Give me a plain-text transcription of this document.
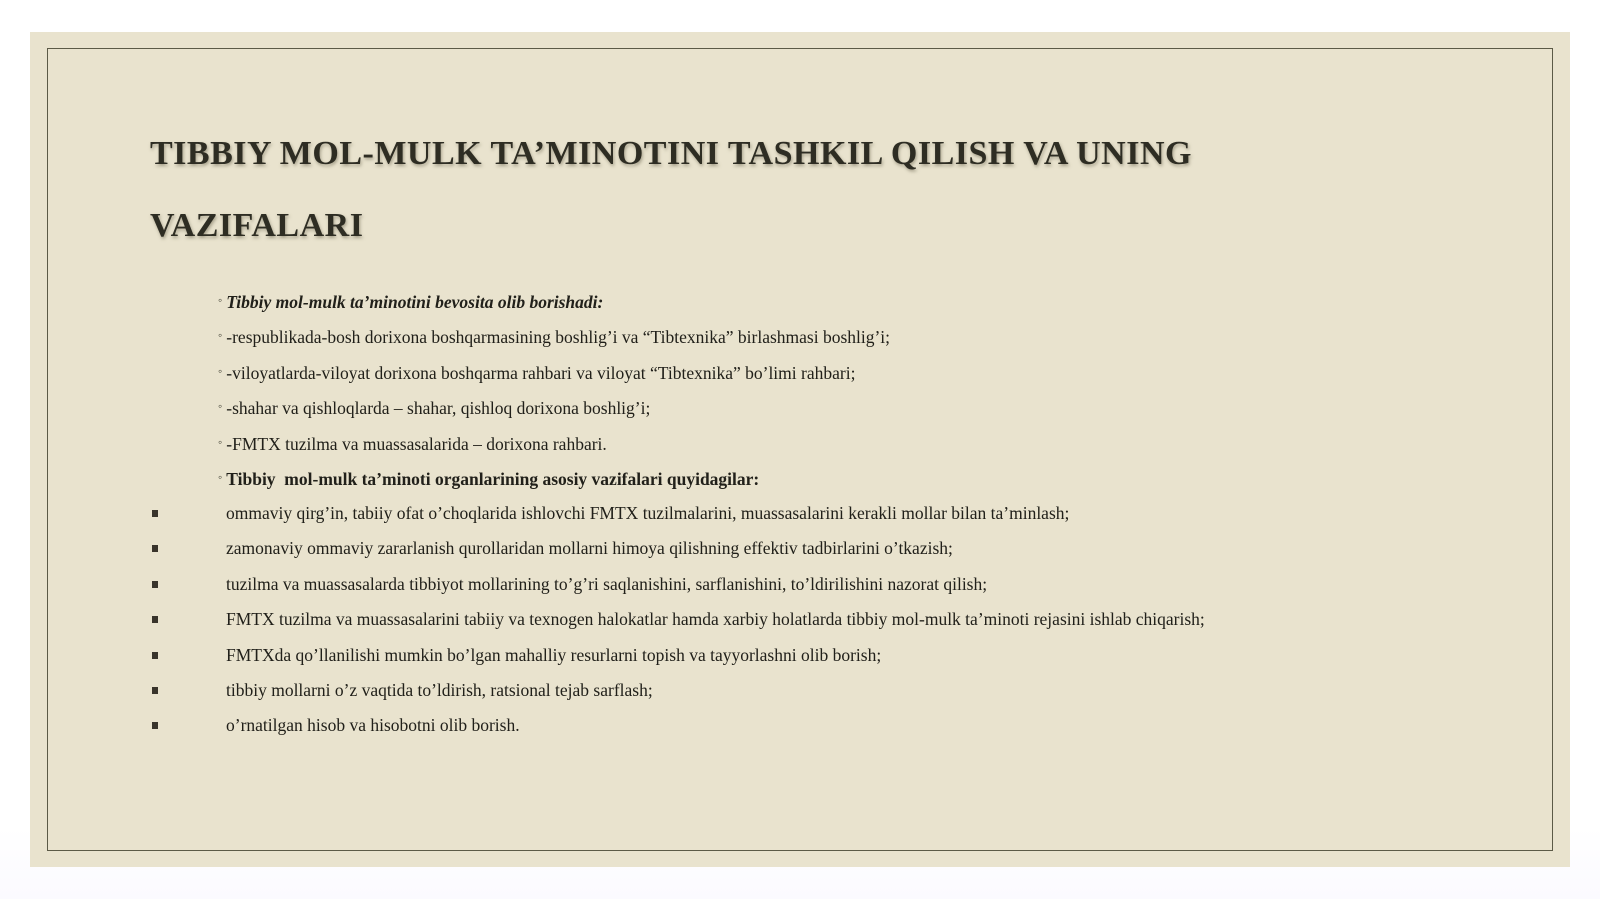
TIBBIY MOL-MULK TA’MINOTINI TASHKIL QILISH VA UNING
VAZIFALARI
◦ Tibbiy mol-mulk ta’minotini bevosita olib borishadi:
◦ -respublikada-bosh dorixona boshqarmasining boshlig’i va “Tibtexnika” birlashmasi boshlig’i;
◦ -viloyatlarda-viloyat dorixona boshqarma rahbari va viloyat “Tibtexnika” bo’limi rahbari;
◦ -shahar va qishloqlarda – shahar, qishloq dorixona boshlig’i;
◦ -FMTX tuzilma va muassasalarida – dorixona rahbari.
◦ Tibbiy  mol-mulk ta’minoti organlarining asosiy vazifalari quyidagilar:
ommaviy qirg’in, tabiiy ofat o’choqlarida ishlovchi FMTX tuzilmalarini, muassasalarini kerakli mollar bilan ta’minlash;
zamonaviy ommaviy zararlanish qurollaridan mollarni himoya qilishning effektiv tadbirlarini o’tkazish;
tuzilma va muassasalarda tibbiyot mollarining to’g’ri saqlanishini, sarflanishini, to’ldirilishini nazorat qilish;
FMTX tuzilma va muassasalarini tabiiy va texnogen halokatlar hamda xarbiy holatlarda tibbiy mol-mulk ta’minoti rejasini ishlab chiqarish;
FMTXda qo’llanilishi mumkin bo’lgan mahalliy resurlarni topish va tayyorlashni olib borish;
tibbiy mollarni o’z vaqtida to’ldirish, ratsional tejab sarflash;
o’rnatilgan hisob va hisobotni olib borish.
